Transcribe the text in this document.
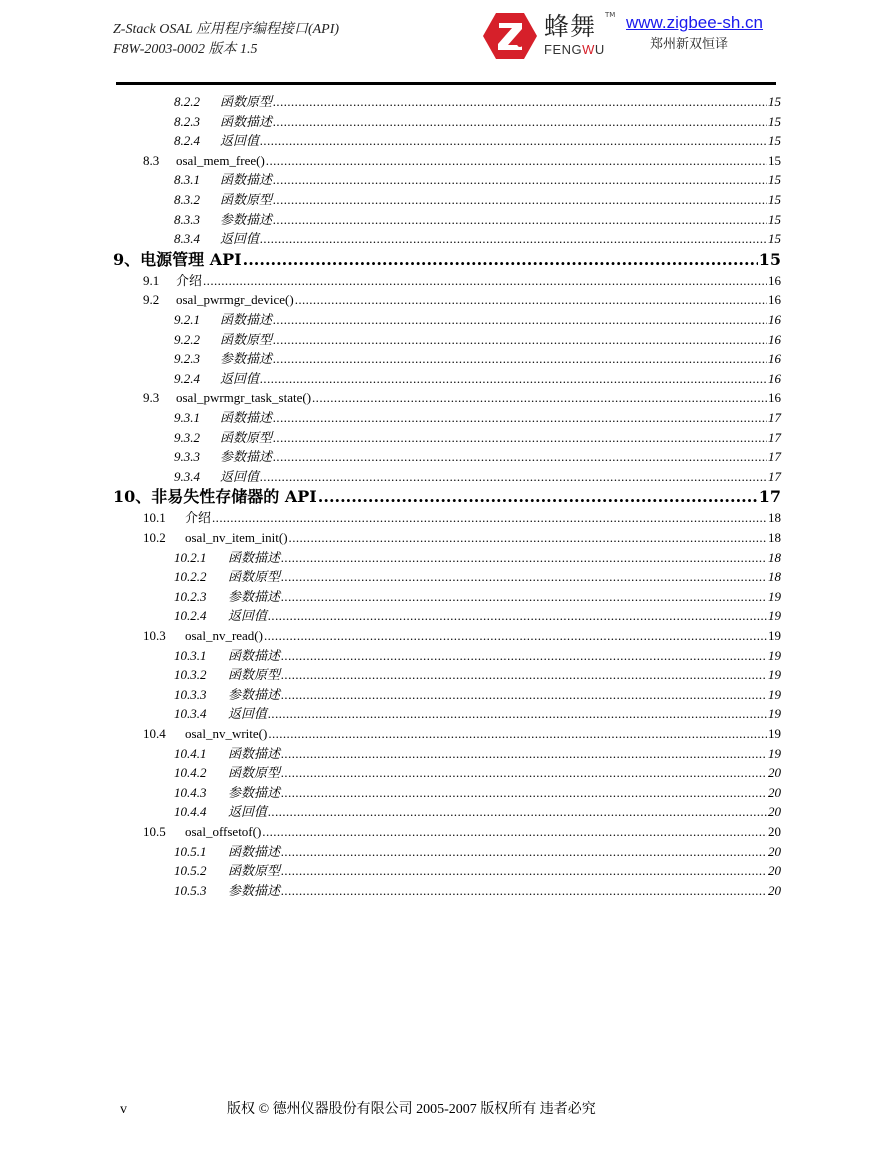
Z-Stack OSAL 应用程序编程接口(API)
F8W-2003-0002 版本 1.5
蜂舞 TM
FENGWU
www.zigbee-sh.cn
郑州新双恒译
8.2.2	函数原型 .....	15
8.2.3	函数描述 .....	15
8.2.4	返回值 .....	15
8.3	osal_mem_free() .....	15
8.3.1	函数描述 .....	15
8.3.2	函数原型 .....	15
8.3.3	参数描述 .....	15
8.3.4	返回值 .....	15
9、 电源管理 API .....	15
9.1	介绍 .....	16
9.2	osal_pwrmgr_device() .....	16
9.2.1	函数描述 .....	16
9.2.2	函数原型 .....	16
9.2.3	参数描述 .....	16
9.2.4	返回值 .....	16
9.3	osal_pwrmgr_task_state() .....	16
9.3.1	函数描述 .....	17
9.3.2	函数原型 .....	17
9.3.3	参数描述 .....	17
9.3.4	返回值 .....	17
10、 非易失性存储器的 API .....	17
10.1	介绍 .....	18
10.2	osal_nv_item_init() .....	18
10.2.1	函数描述 .....	18
10.2.2	函数原型 .....	18
10.2.3	参数描述 .....	19
10.2.4	返回值 .....	19
10.3	osal_nv_read() .....	19
10.3.1	函数描述 .....	19
10.3.2	函数原型 .....	19
10.3.3	参数描述 .....	19
10.3.4	返回值 .....	19
10.4	osal_nv_write() .....	19
10.4.1	函数描述 .....	19
10.4.2	函数原型 .....	20
10.4.3	参数描述 .....	20
10.4.4	返回值 .....	20
10.5	osal_offsetof() .....	20
10.5.1	函数描述 .....	20
10.5.2	函数原型 .....	20
10.5.3	参数描述 .....	20
v	版权 © 德州仪器股份有限公司 2005-2007 版权所有 违者必究
